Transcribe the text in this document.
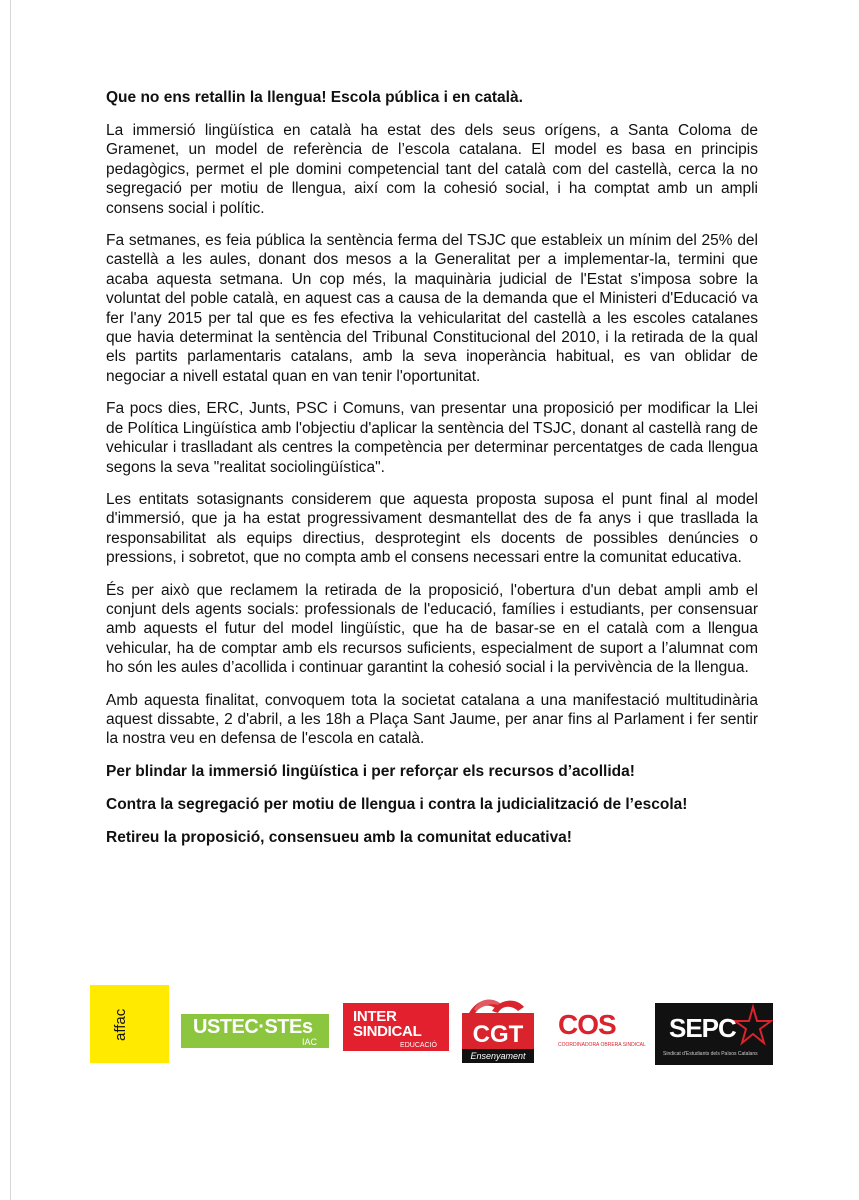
Que no ens retallin la llengua! Escola pública i en català.

La immersió lingüística en català ha estat des dels seus orígens, a Santa Coloma de Gramenet, un model de referència de l’escola catalana. El model es basa en principis pedagògics, permet el ple domini competencial tant del català com del castellà, cerca la no segregació per motiu de llengua, així com la cohesió social, i ha comptat amb un ampli consens social i polític.

Fa setmanes, es feia pública la sentència ferma del TSJC que estableix un mínim del 25% del castellà a les aules, donant dos mesos a la Generalitat per a implementar-la, termini que acaba aquesta setmana. Un cop més, la maquinària judicial de l'Estat s'imposa sobre la voluntat del poble català, en aquest cas a causa de la demanda que el Ministeri d'Educació va fer l'any 2015 per tal que es fes efectiva la vehicularitat del castellà a les escoles catalanes que havia determinat la sentència del Tribunal Constitucional del 2010, i la retirada de la qual els partits parlamentaris catalans, amb la seva inoperància habitual, es van oblidar de negociar a nivell estatal quan en van tenir l'oportunitat.

Fa pocs dies, ERC, Junts, PSC i Comuns, van presentar una proposició per modificar la Llei de Política Lingüística amb l'objectiu d'aplicar la sentència del TSJC, donant al castellà rang de vehicular i traslladant als centres la competència per determinar percentatges de cada llengua segons la seva "realitat sociolingüística".

Les entitats sotasignants considerem que aquesta proposta suposa el punt final al model d'immersió, que ja ha estat progressivament desmantellat des de fa anys i que trasllada la responsabilitat als equips directius, desprotegint els docents de possibles denúncies o pressions, i sobretot, que no compta amb el consens necessari entre la comunitat educativa.

És per això que reclamem la retirada de la proposició, l'obertura d'un debat ampli amb el conjunt dels agents socials: professionals de l'educació, famílies i estudiants, per consensuar amb aquests el futur del model lingüístic, que ha de basar-se en el català com a llengua vehicular, ha de comptar amb els recursos suficients, especialment de suport a l’alumnat com ho són les aules d’acollida i continuar garantint la cohesió social i la pervivència de la llengua.

Amb aquesta finalitat, convoquem tota la societat catalana a una manifestació multitudinària aquest dissabte, 2 d'abril, a les 18h a Plaça Sant Jaume, per anar fins al Parlament i fer sentir la nostra veu en defensa de l'escola en català.

Per blindar la immersió lingüística i per reforçar els recursos d’acollida!

Contra la segregació per motiu de llengua i contra la judicialització de l’escola!

Retireu la proposició, consensueu amb la comunitat educativa!

affac	USTEC·STEs
IAC
INTER
SINDICAL
EDUCACIÓ CGT
Ensenyament
COS
COORDINADORA OBRERA SINDICAL
SEPC
Sindicat d'Estudiants dels Països Catalans
